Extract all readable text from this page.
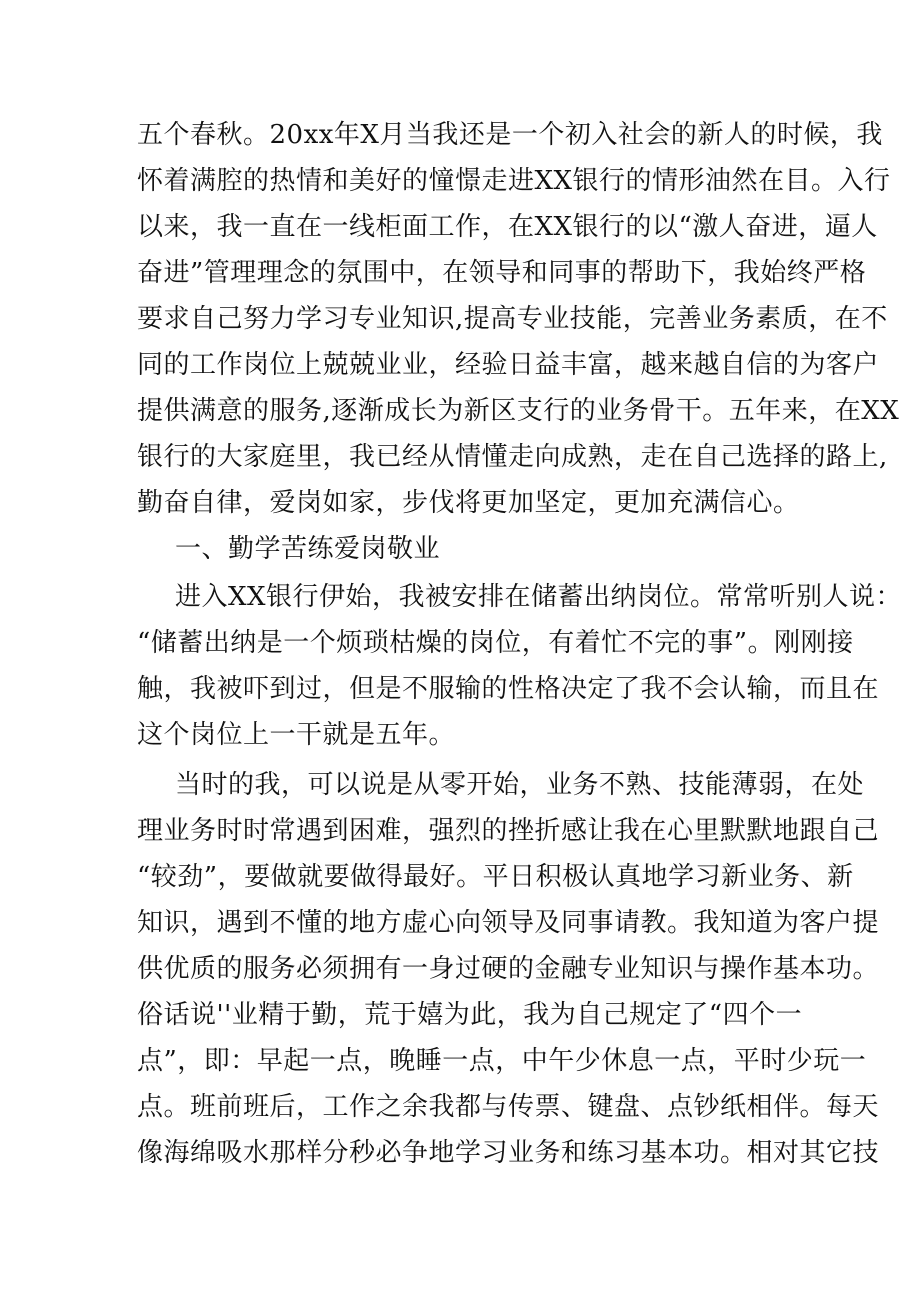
五个春秋。20xx年X月当我还是一个初入社会的新人的时候，我
怀着满腔的热情和美好的憧憬走进XX银行的情形油然在目。入行
以来，我一直在一线柜面工作，在XX银行的以“激人奋进，逼人
奋进”管理理念的氛围中，在领导和同事的帮助下，我始终严格
要求自己努力学习专业知识,提高专业技能，完善业务素质，在不
同的工作岗位上兢兢业业，经验日益丰富，越来越自信的为客户
提供满意的服务,逐渐成长为新区支行的业务骨干。五年来，在XX
银行的大家庭里，我已经从情懂走向成熟，走在自己选择的路上,
勤奋自律，爱岗如家，步伐将更加坚定，更加充满信心。
一、勤学苦练爱岗敬业
进入XX银行伊始，我被安排在储蓄出纳岗位。常常听别人说：
“储蓄出纳是一个烦琐枯燥的岗位，有着忙不完的事”。刚刚接
触，我被吓到过，但是不服输的性格决定了我不会认输，而且在
这个岗位上一干就是五年。
当时的我，可以说是从零开始，业务不熟、技能薄弱，在处
理业务时时常遇到困难，强烈的挫折感让我在心里默默地跟自己
“较劲”，要做就要做得最好。平日积极认真地学习新业务、新
知识，遇到不懂的地方虚心向领导及同事请教。我知道为客户提
供优质的服务必须拥有一身过硬的金融专业知识与操作基本功。
俗话说''业精于勤，荒于嬉为此，我为自己规定了“四个一
点”，即：早起一点，晚睡一点，中午少休息一点，平时少玩一
点。班前班后，工作之余我都与传票、键盘、点钞纸相伴。每天
像海绵吸水那样分秒必争地学习业务和练习基本功。相对其它技
